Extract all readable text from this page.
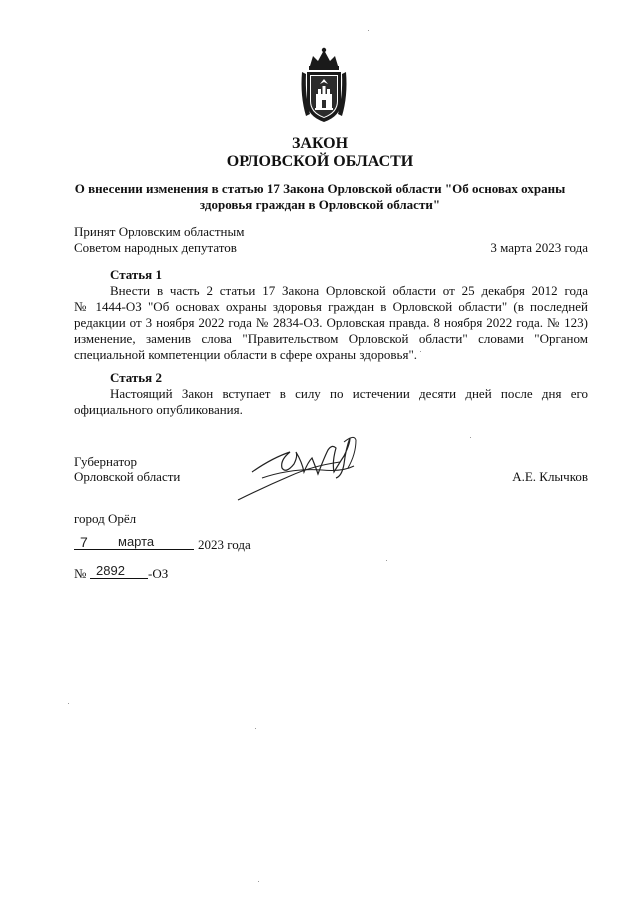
ЗАКОН
ОРЛОВСКОЙ ОБЛАСТИ
О внесении изменения в статью 17 Закона Орловской области "Об основах охраны
здоровья граждан в Орловской области"
Принят Орловским областным
Советом народных депутатов	3 марта 2023 года
Статья 1
Внести в часть 2 статьи 17 Закона Орловской области от 25 декабря 2012 года
№ 1444-ОЗ "Об основах охраны здоровья граждан в Орловской области" (в последней
редакции от 3 ноября 2022 года № 2834-ОЗ. Орловская правда. 8 ноября 2022 года. № 123)
изменение, заменив слова "Правительством Орловской области" словами "Органом
специальной компетенции области в сфере охраны здоровья".
Статья 2
Настоящий Закон вступает в силу по истечении десяти дней после дня его
официального опубликования.
Губернатор
Орловской области	А.Е. Клычков
город Орёл
7 марта	2023 года
№ 2892 -ОЗ
